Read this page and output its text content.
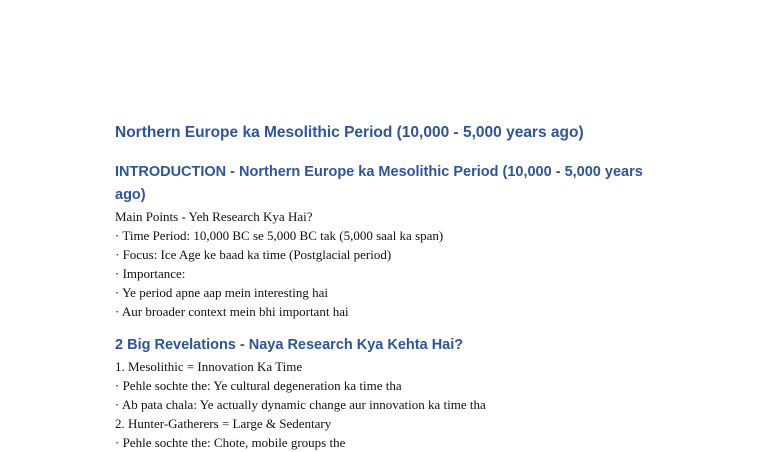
Northern Europe ka Mesolithic Period (10,000 - 5,000 years ago)
INTRODUCTION - Northern Europe ka Mesolithic Period (10,000 - 5,000 years ago)

Main Points - Yeh Research Kya Hai?

· Time Period: 10,000 BC se 5,000 BC tak (5,000 saal ka span)

· Focus: Ice Age ke baad ka time (Postglacial period)

· Importance:

· Ye period apne aap mein interesting hai

· Aur broader context mein bhi important hai

2 Big Revelations - Naya Research Kya Kehta Hai?

1. Mesolithic = Innovation Ka Time

· Pehle sochte the: Ye cultural degeneration ka time tha

· Ab pata chala: Ye actually dynamic change aur innovation ka time tha

2. Hunter-Gatherers = Large & Sedentary

· Pehle sochte the: Chote, mobile groups the
